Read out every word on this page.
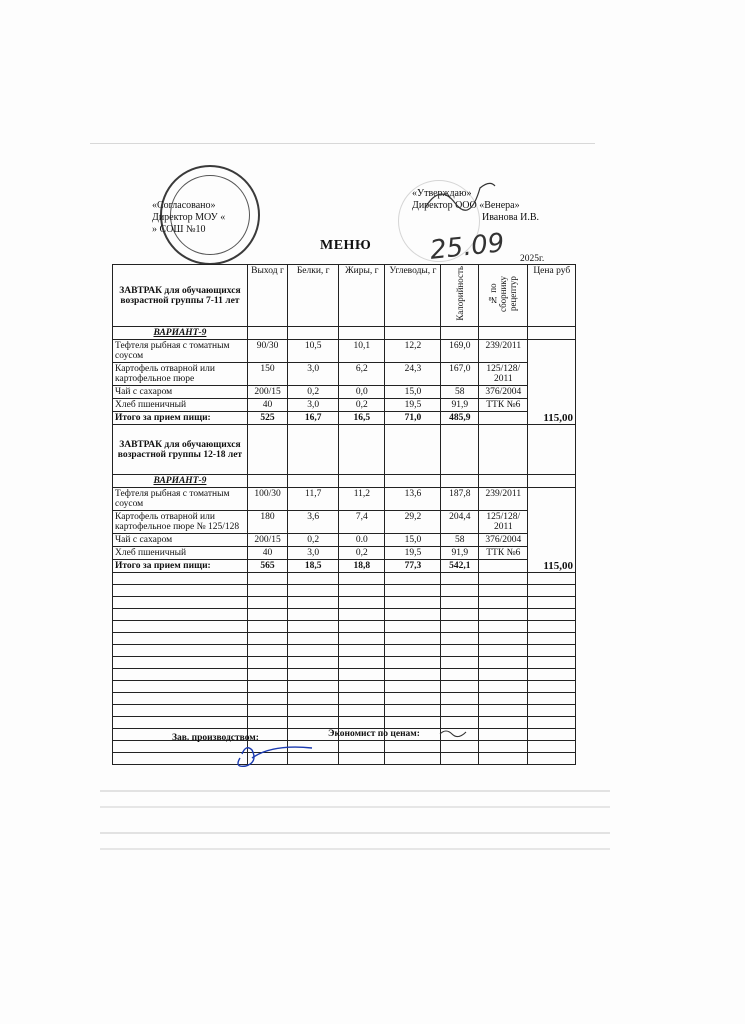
«Согласовано»
Директор МОУ «
» СОШ №10
«Утверждаю»
Директор ООО «Венера»
Иванова И.В.
МЕНЮ 25.09 2025г.
ЗАВТРАК для обучающихся возрастной группы 7-11 лет	Выход г	Белки, г	Жиры, г	Углеводы, г	Калорийность	№ по сборнику рецептур	Цена руб
ВАРИАНТ-9							
Тефтеля рыбная с томатным соусом	90/30	10,5	10,1	12,2	169,0	239/2011	115,00
Картофель отварной или картофельное пюре	150	3,0	6,2	24,3	167,0	125/128/ 2011	
Чай с сахаром	200/15	0,2	0,0	15,0	58	376/2004	
Хлеб пшеничный	40	3,0	0,2	19,5	91,9	ТТК №6	
Итого за прием пищи:	525	16,7	16,5	71,0	485,9		
ЗАВТРАК для обучающихся возрастной группы 12-18 лет							
ВАРИАНТ-9							
Тефтеля рыбная с томатным соусом	100/30	11,7	11,2	13,6	187,8	239/2011	115,00
Картофель отварной или картофельное пюре № 125/128	180	3,6	7,4	29,2	204,4	125/128/ 2011	
Чай с сахаром	200/15	0,2	0.0	15,0	58	376/2004	
Хлеб пшеничный	40	3,0	0,2	19,5	91,9	ТТК №6	
Итого за прием пищи:	565	18,5	18,8	77,3	542,1		

Зав. производством:	Экономист по ценам:
